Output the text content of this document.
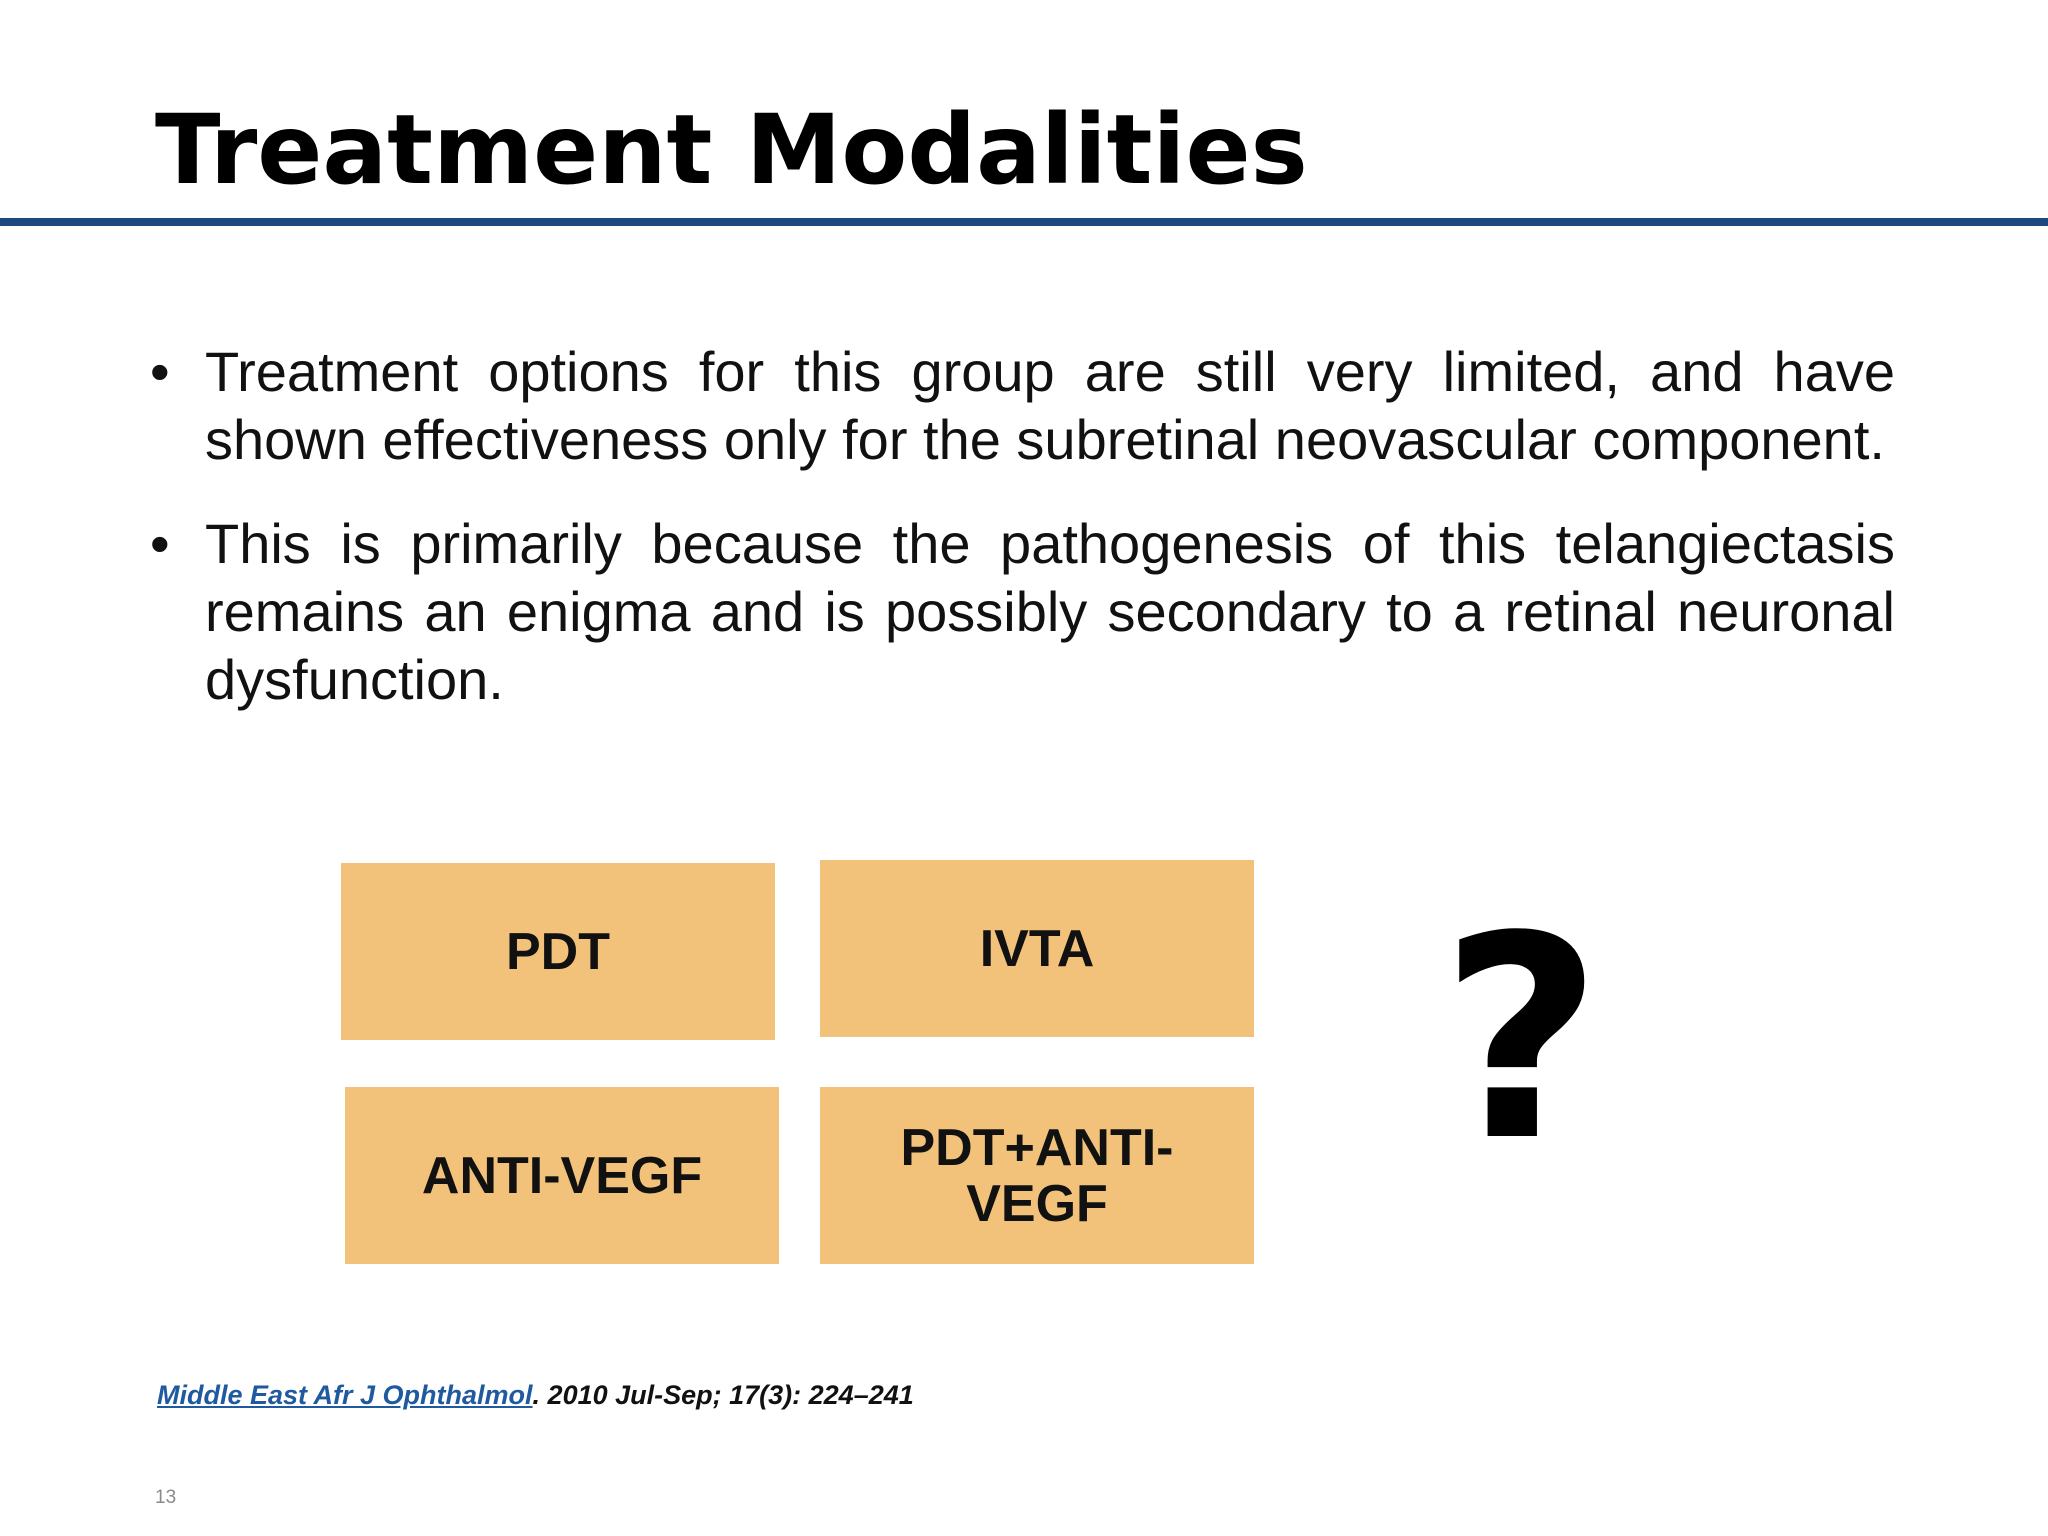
Treatment Modalities
• Treatment options for this group are still very limited, and have shown effectiveness only for the subretinal neovascular component.
• This is primarily because the pathogenesis of this telangiectasis remains an enigma and is possibly secondary to a retinal neuronal dysfunction.
PDT	IVTA
ANTI-VEGF	PDT+ANTI-VEGF
?
Middle East Afr J Ophthalmol. 2010 Jul-Sep; 17(3): 224–241
13
